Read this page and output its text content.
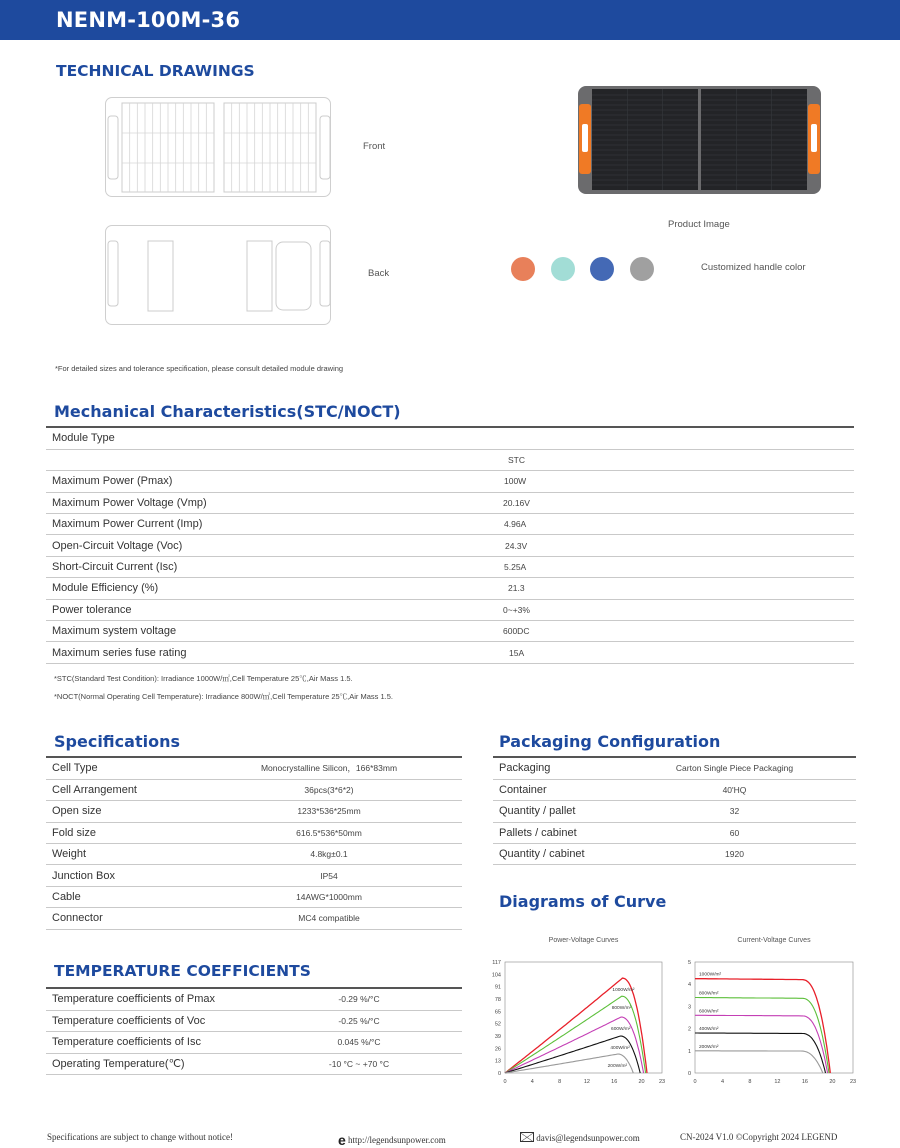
NENM-100M-36
TECHNICAL DRAWINGS
Front
Back
Product Image
Customized handle color
*For detailed sizes and tolerance specification, please consult detailed module drawing
Mechanical Characteristics(STC/NOCT)
Module Type	
	STC
Maximum Power (Pmax)	100W
Maximum Power Voltage (Vmp)	20.16V
Maximum Power Current (Imp)	4.96A
Open-Circuit Voltage (Voc)	24.3V
Short-Circuit Current (Isc)	5.25A
Module Efficiency (%)	21.3
Power tolerance	0~+3%
Maximum system voltage	600DC
Maximum series fuse rating	15A
*STC(Standard Test Condition): Irradiance 1000W/㎡,Cell Temperature 25℃,Air Mass 1.5.
*NOCT(Normal Operating Cell Temperature): Irradiance 800W/㎡,Cell Temperature 25℃,Air Mass 1.5.
Specifications
Cell Type	Monocrystalline Silicon，166*83mm
Cell Arrangement	36pcs(3*6*2)
Open size	1233*536*25mm
Fold size	616.5*536*50mm
Weight	4.8kg±0.1
Junction Box	IP54
Cable	14AWG*1000mm
Connector	MC4 compatible
Packaging Configuration
Packaging	Carton Single Piece Packaging
Container	40'HQ
Quantity / pallet	32
Pallets / cabinet	60
Quantity / cabinet	1920
TEMPERATURE COEFFICIENTS
Temperature coefficients of Pmax	-0.29 %/°C
Temperature coefficients of Voc	-0.25 %/°C
Temperature coefficients of Isc	0.045 %/°C
Operating Temperature(℃)	-10 °C ~ +70 °C
Diagrams of Curve
Power-Voltage Curves
0	4	8	12	16	20	23
0
13
26
39
52
65
78
91
104
117
1000W/m²
800W/m²
600W/m²
400W/m²
200W/m²
Current-Voltage Curves
0	4	8	12	16	20	23
0
1
2
3
4
5
1000W/m²
800W/m²
600W/m²
400W/m²
200W/m²
Specifications are subject to change without notice!	e http://legendsunpower.com	davis@legendsunpower.com	CN-2024 V1.0 ©Copyright 2024 LEGEND
